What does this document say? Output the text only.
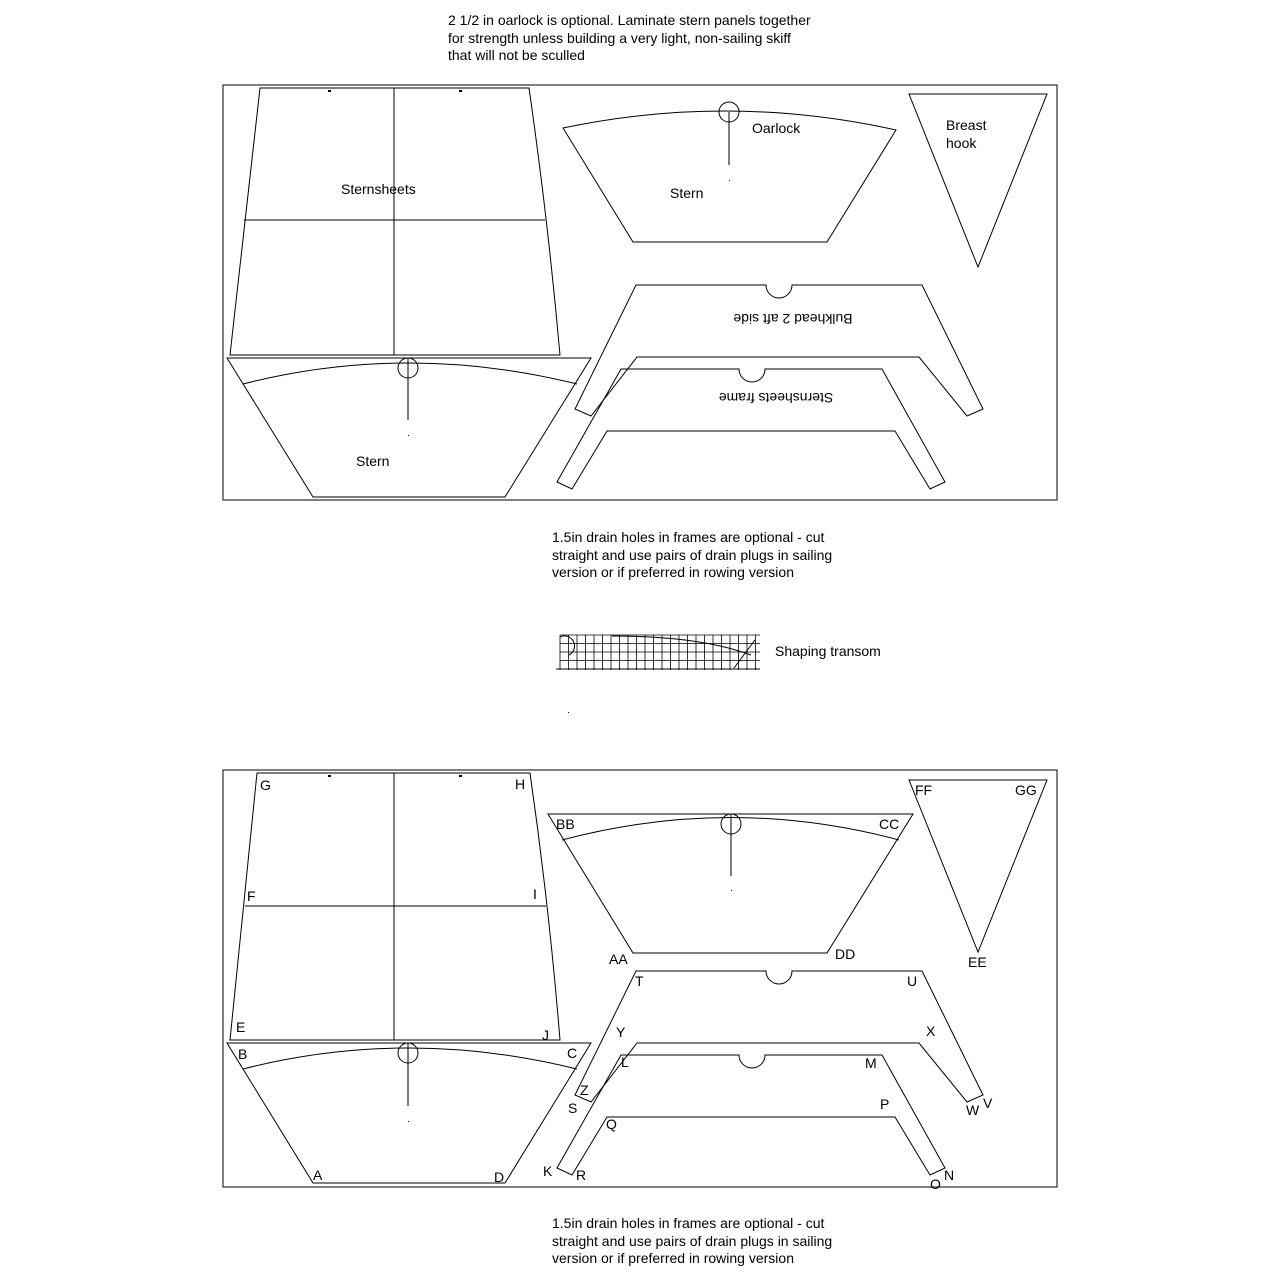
2 1/2 in oarlock is optional. Laminate stern panels together
for strength unless building a very light, non-sailing skiff
that will not be sculled
1.5in drain holes in frames are optional - cut
straight and use pairs of drain plugs in sailing
version or if preferred in rowing version
1.5in drain holes in frames are optional - cut
straight and use pairs of drain plugs in sailing
version or if preferred in rowing version
Sternsheets
Stern
Oarlock
Stern
Breast
hook
Bulkhead 2 aft side
Sternsheets frame
Shaping transom
G	H
F	I
E	J
B	C
A	D
BB	CC
AA	DD
FF	GG
EE
T	U
Y	X
L	M
Z
S	W V
P
Q
K R	N
O
